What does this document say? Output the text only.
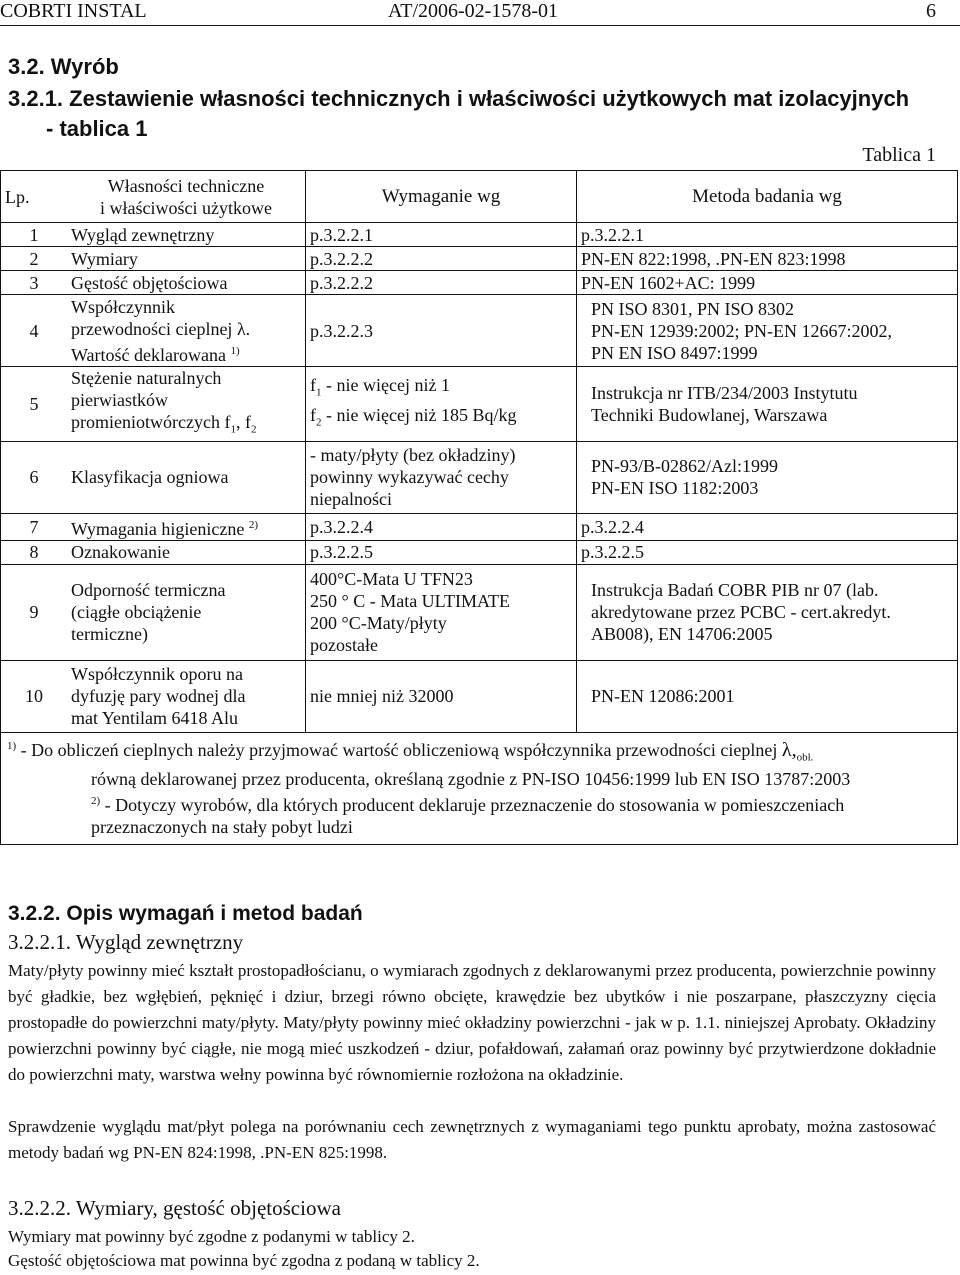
COBRTI INSTAL	AT/2006-02-1578-01	6
3.2. Wyrób
3.2.1. Zestawienie własności technicznych i właściwości użytkowych mat izolacyjnych
- tablica 1
Tablica 1
Lp.	Własności techniczne
i właściwości użytkowe	Wymaganie wg	Metoda badania wg
1	Wygląd zewnętrzny	p.3.2.2.1	p.3.2.2.1
2	Wymiary	p.3.2.2.2	PN-EN 822:1998, .PN-EN 823:1998
3	Gęstość objętościowa	p.3.2.2.2	PN-EN 1602+AC: 1999
4	Współczynnik
przewodności cieplnej λ.
Wartość deklarowana $^{1)}$	p.3.2.2.3	PN ISO 8301, PN ISO 8302
PN-EN 12939:2002; PN-EN 12667:2002,
PN EN ISO 8497:1999

5	Stężenie naturalnych
pierwiastków
promieniotwórczych $f_1$, $f_2$	$f_1$ - nie więcej niż 1
$f_2$ - nie więcej niż 185 Bq/kg	Instrukcja nr ITB/234/2003 Instytutu
Techniki Budowlanej, Warszawa

6	Klasyfikacja ogniowa	- maty/płyty (bez okładziny)
powinny wykazywać cechy
niepalności	PN-93/B-02862/Azl:1999
PN-EN ISO 1182:2003

7	Wymagania higieniczne $^{2)}$	p.3.2.2.4	p.3.2.2.4
8	Oznakowanie	p.3.2.2.5	p.3.2.2.5
9	Odporność termiczna
(ciągłe obciążenie
termiczne)	400°C-Mata U TFN23
250 ° C - Mata ULTIMATE
200 °C-Maty/płyty
pozostałe	Instrukcja Badań COBR PIB nr 07 (lab.
akredytowane przez PCBC - cert.akredyt.
AB008), EN 14706:2005

10	Współczynnik oporu na
dyfuzję pary wodnej dla
mat Yentilam 6418 Alu	nie mniej niż 32000	PN-EN 12086:2001

$^{1)}$ - Do obliczeń cieplnych należy przyjmować wartość obliczeniową współczynnika przewodności cieplnej $\lambda,_{obl.}$
równą deklarowanej przez producenta, określaną zgodnie z PN-ISO 10456:1999 lub EN ISO 13787:2003
$^{2)}$ - Dotyczy wyrobów, dla których producent deklaruje przeznaczenie do stosowania w pomieszczeniach
przeznaczonych na stały pobyt ludzi			
3.2.2. Opis wymagań i metod badań
3.2.2.1. Wygląd zewnętrzny
Maty/płyty powinny mieć kształt prostopadłościanu, o wymiarach zgodnych z deklarowanymi przez producenta, powierzchnie powinny być gładkie, bez wgłębień, pęknięć i dziur, brzegi równo obcięte, krawędzie bez ubytków i nie poszarpane, płaszczyzny cięcia prostopadłe do powierzchni maty/płyty. Maty/płyty powinny mieć okładziny powierzchni - jak w p. 1.1. niniejszej Aprobaty. Okładziny powierzchni powinny być ciągłe, nie mogą mieć uszkodzeń - dziur, pofałdowań, załamań oraz powinny być przytwierdzone dokładnie do powierzchni maty, warstwa wełny powinna być równomiernie rozłożona na okładzinie.
Sprawdzenie wyglądu mat/płyt polega na porównaniu cech zewnętrznych z wymaganiami tego punktu aprobaty, można zastosować metody badań wg PN-EN 824:1998, .PN-EN 825:1998.
3.2.2.2. Wymiary, gęstość objętościowa
Wymiary mat powinny być zgodne z podanymi w tablicy 2.
Gęstość objętościowa mat powinna być zgodna z podaną w tablicy 2.
